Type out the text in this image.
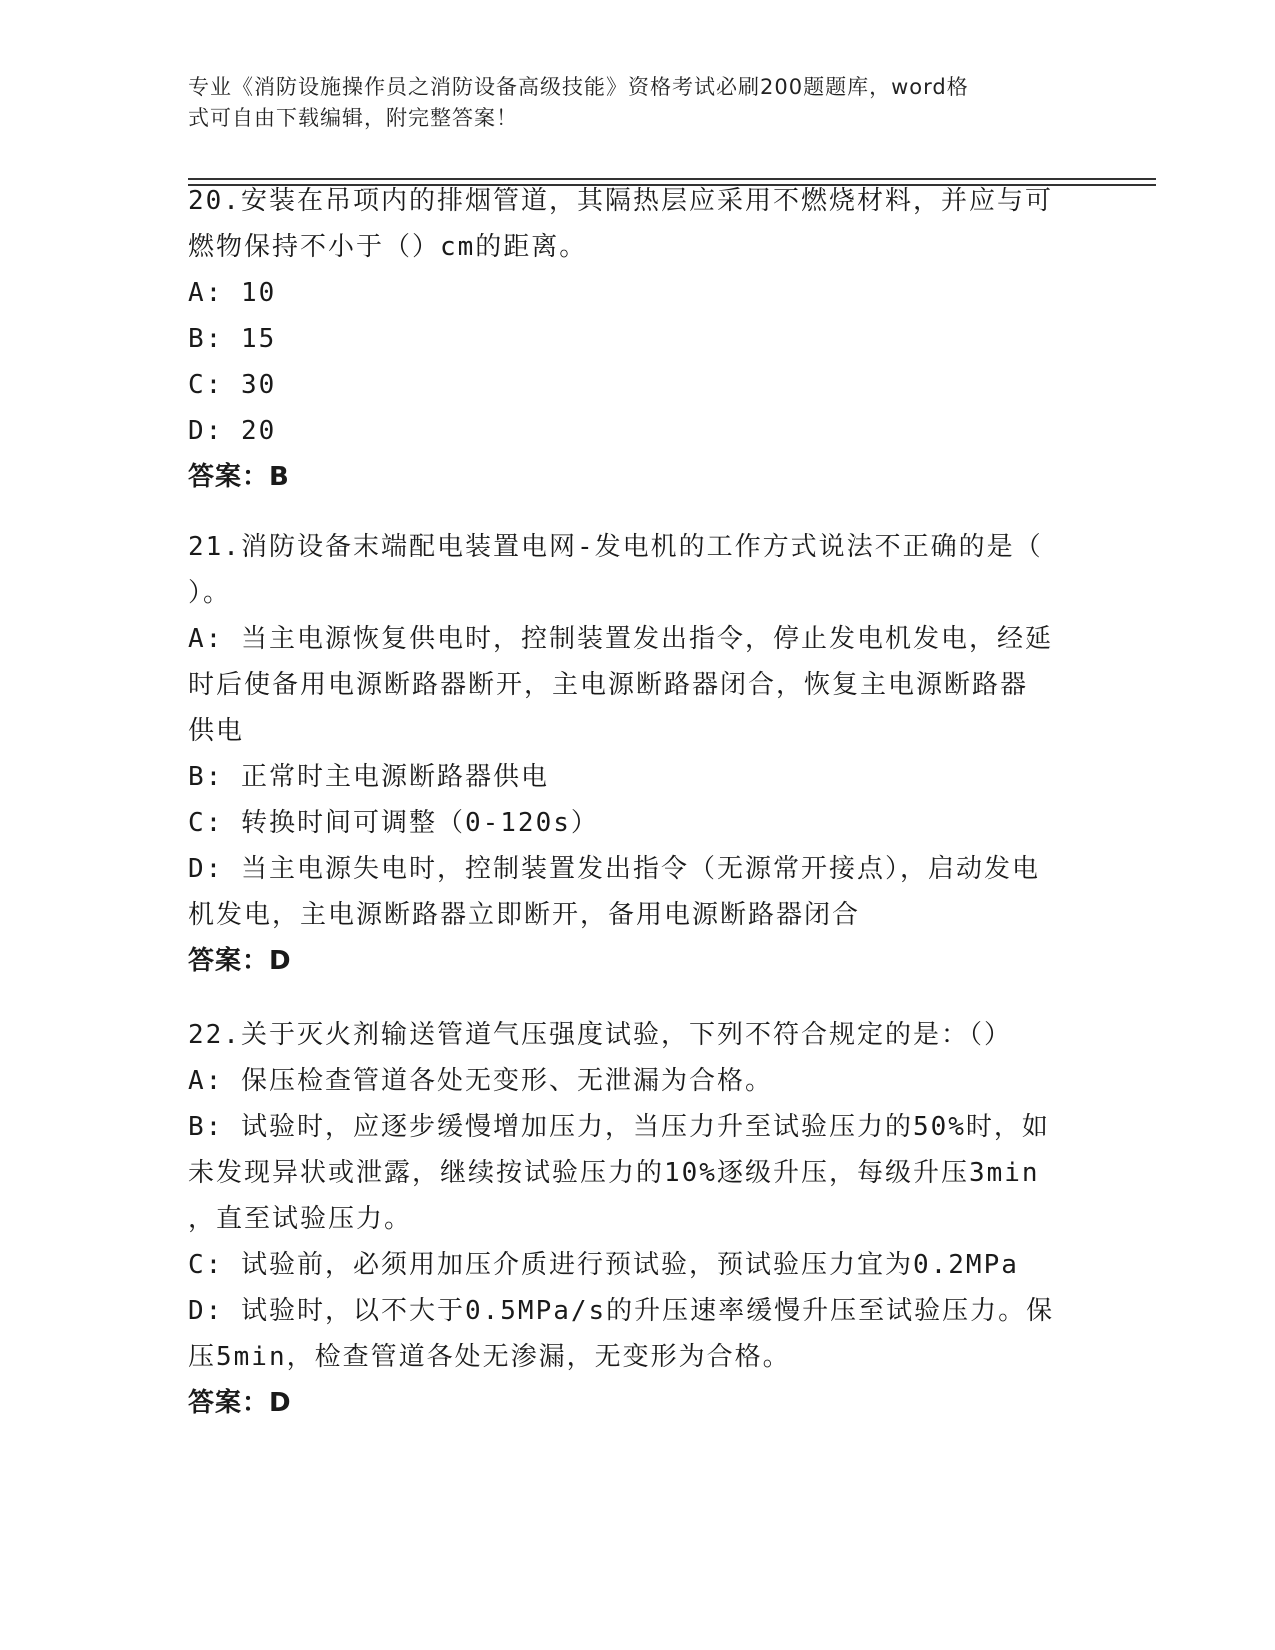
专业《消防设施操作员之消防设备高级技能》资格考试必刷200题题库，word格
式可自由下载编辑，附完整答案！
20.安装在吊项内的排烟管道，其隔热层应采用不燃烧材料，并应与可
燃物保持不小于（）cm的距离。
A: 10
B: 15
C: 30
D: 20
答案：B
21.消防设备末端配电装置电网-发电机的工作方式说法不正确的是（
）。
A: 当主电源恢复供电时，控制装置发出指令，停止发电机发电，经延
时后使备用电源断路器断开，主电源断路器闭合，恢复主电源断路器
供电
B: 正常时主电源断路器供电
C: 转换时间可调整（0-120s）
D: 当主电源失电时，控制装置发出指令（无源常开接点），启动发电
机发电，主电源断路器立即断开，备用电源断路器闭合
答案：D
22.关于灭火剂输送管道气压强度试验，下列不符合规定的是：（）
A: 保压检查管道各处无变形、无泄漏为合格。
B: 试验时，应逐步缓慢增加压力，当压力升至试验压力的50%时，如
未发现异状或泄露，继续按试验压力的10%逐级升压，每级升压3min
，直至试验压力。
C: 试验前，必须用加压介质进行预试验，预试验压力宜为0.2MPa
D: 试验时，以不大于0.5MPa/s的升压速率缓慢升压至试验压力。保
压5min，检查管道各处无渗漏，无变形为合格。
答案：D
